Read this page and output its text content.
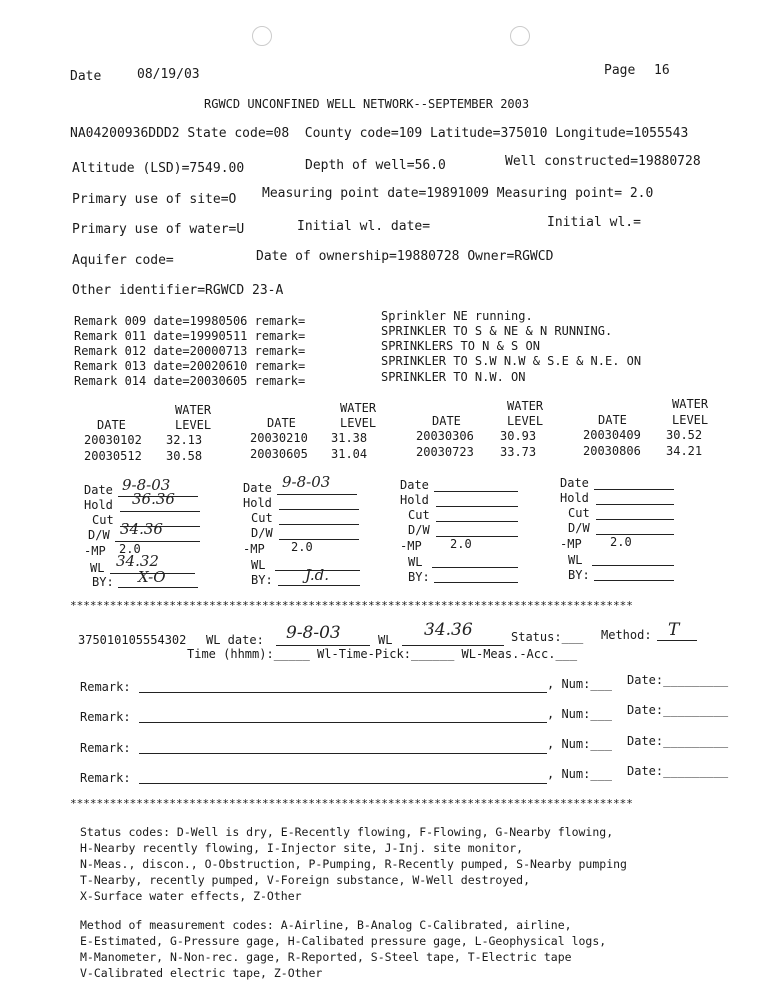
Date	08/19/03	Page 16
RGWCD UNCONFINED WELL NETWORK--SEPTEMBER 2003
NA04200936DDD2 State code=08  County code=109 Latitude=375010 Longitude=1055543
Altitude (LSD)=7549.00	Depth of well=56.0	Well constructed=19880728
Primary use of site=O Measuring point date=19891009 Measuring point= 2.0
Primary use of water=U	Initial wl. date=	Initial wl.=
Aquifer code=	Date of ownership=19880728 Owner=RGWCD
Other identifier=RGWCD 23-A
Remark 009 date=19980506 remark=	Sprinkler NE running.
Remark 011 date=19990511 remark=	SPRINKLER TO S & NE & N RUNNING.
Remark 012 date=20000713 remark=	SPRINKLERS TO N & S ON
Remark 013 date=20020610 remark=	SPRINKLER TO S.W N.W & S.E & N.E. ON
Remark 014 date=20030605 remark=	SPRINKLER TO N.W. ON
WATER
DATE	LEVEL
20030102 32.13
20030512 30.58
WATER
DATE	LEVEL
20030210 31.38
20030605 31.04
WATER
DATE	LEVEL
20030306 30.93
20030723 33.73
WATER
DATE	LEVEL
20030409 30.52
20030806 34.21
Date 9-8-03
Hold 36.36
Cut
D/W 34.36
-MP 2.0
WL 34.32
BY: X-O
Date 9-8-03
Hold
Cut
D/W
-MP 2.0
WL
BY: J.d.
Date
Hold
Cut
D/W
-MP 2.0
WL
BY:
Date
Hold
Cut
D/W
-MP 2.0
WL
BY:
*************************************************************************************
375010105554302 WL date: 9-8-03	WL 34.36	Status:___ Method: T
Time (hhmm):_____ Wl-Time-Pick:______ WL-Meas.-Acc.___
Remark:	, Num:___ Date:_________
Remark:	, Num:___ Date:_________
Remark:	, Num:___ Date:_________
Remark:	, Num:___ Date:_________
*************************************************************************************
Status codes: D-Well is dry, E-Recently flowing, F-Flowing, G-Nearby flowing,
H-Nearby recently flowing, I-Injector site, J-Inj. site monitor,
N-Meas., discon., O-Obstruction, P-Pumping, R-Recently pumped, S-Nearby pumping
T-Nearby, recently pumped, V-Foreign substance, W-Well destroyed,
X-Surface water effects, Z-Other
Method of measurement codes: A-Airline, B-Analog C-Calibrated, airline,
E-Estimated, G-Pressure gage, H-Calibated pressure gage, L-Geophysical logs,
M-Manometer, N-Non-rec. gage, R-Reported, S-Steel tape, T-Electric tape
V-Calibrated electric tape, Z-Other
